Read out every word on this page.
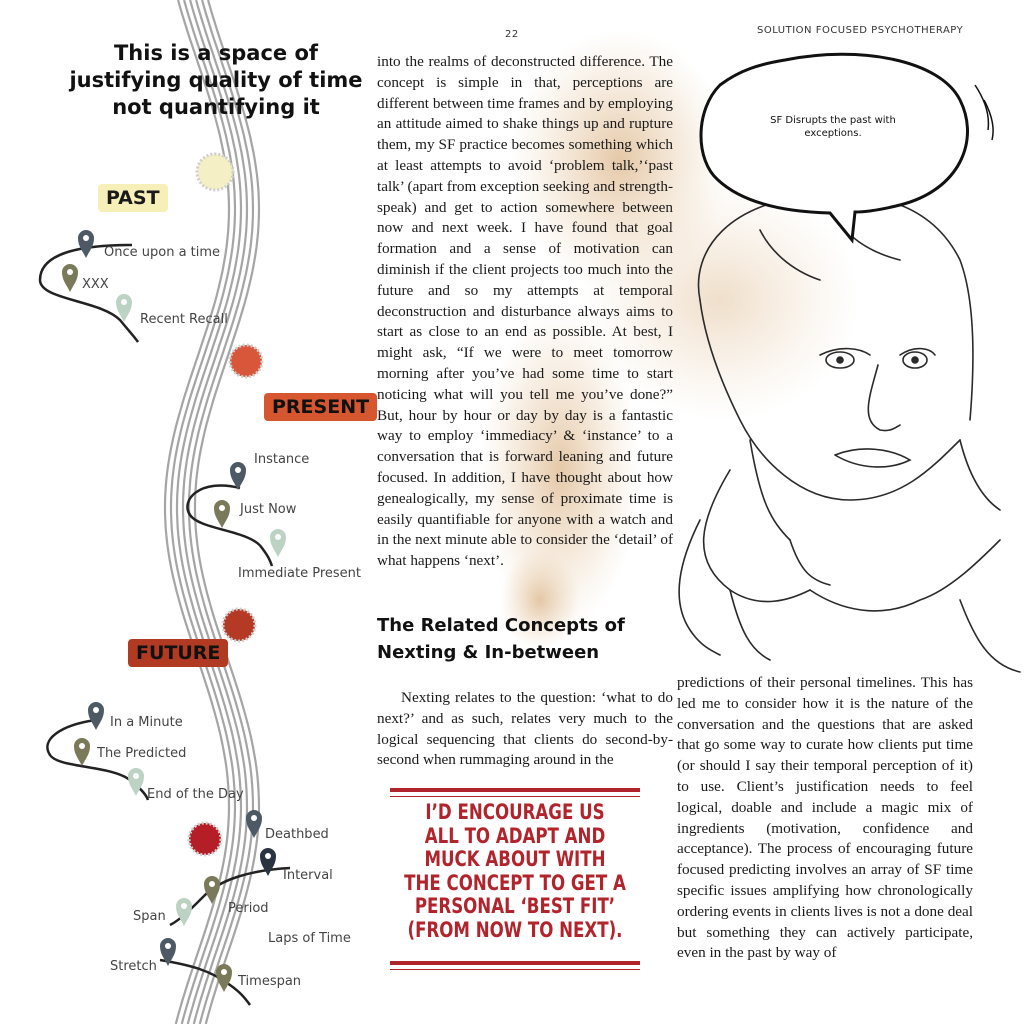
22	SOLUTION FOCUSED PSYCHOTHERAPY
This is a space of
justifying quality of time
not quantifying it
PAST
PRESENT
FUTURE
Once upon a time
XXX
Recent Recall
Instance
Just Now
Immediate Present
In a Minute
The Predicted
End of the Day
Deathbed
Interval
Period
Span
Laps of Time
Stretch
Timespan

into the realms of deconstructed difference. The concept is simple in that, perceptions are different between time frames and by employing an attitude aimed to shake things up and rupture them, my SF practice becomes something which at least attempts to avoid ‘problem talk,’‘past talk’ (apart from exception seeking and strength-speak) and get to action somewhere between now and next week. I have found that goal formation and a sense of motivation can diminish if the client projects too much into the future and so my attempts at temporal deconstruction and disturbance always aims to start as close to an end as possible. At best, I might ask, “If we were to meet tomorrow morning after you’ve had some time to start noticing what will you tell me you’ve done?” But, hour by hour or day by day is a fantastic way to employ ‘immediacy’ & ‘instance’ to a conversation that is forward leaning and future focused. In addition, I have thought about how genealogically, my sense of proximate time is easily quantifiable for anyone with a watch and in the next minute able to consider the ‘detail’ of what happens ‘next’.

The Related Concepts of
Nexting & In-between

Nexting relates to the question: ‘what to do next?’ and as such, relates very much to the logical sequencing that clients do second-by-second when rummaging around in the

I’D ENCOURAGE US
ALL TO ADAPT AND
MUCK ABOUT WITH
THE CONCEPT TO GET A
PERSONAL ‘BEST FIT’
(FROM NOW TO NEXT).
SF Disrupts the past with
exceptions.

predictions of their personal timelines. This has led me to consider how it is the nature of the conversation and the questions that are asked that go some way to curate how clients put time (or should I say their temporal perception of it) to use. Client’s justification needs to feel logical, doable and include a magic mix of ingredients (motivation, confidence and acceptance). The process of encouraging future focused predicting involves an array of SF time specific issues amplifying how chronologically ordering events in clients lives is not a done deal but something they can actively participate, even in the past by way of
